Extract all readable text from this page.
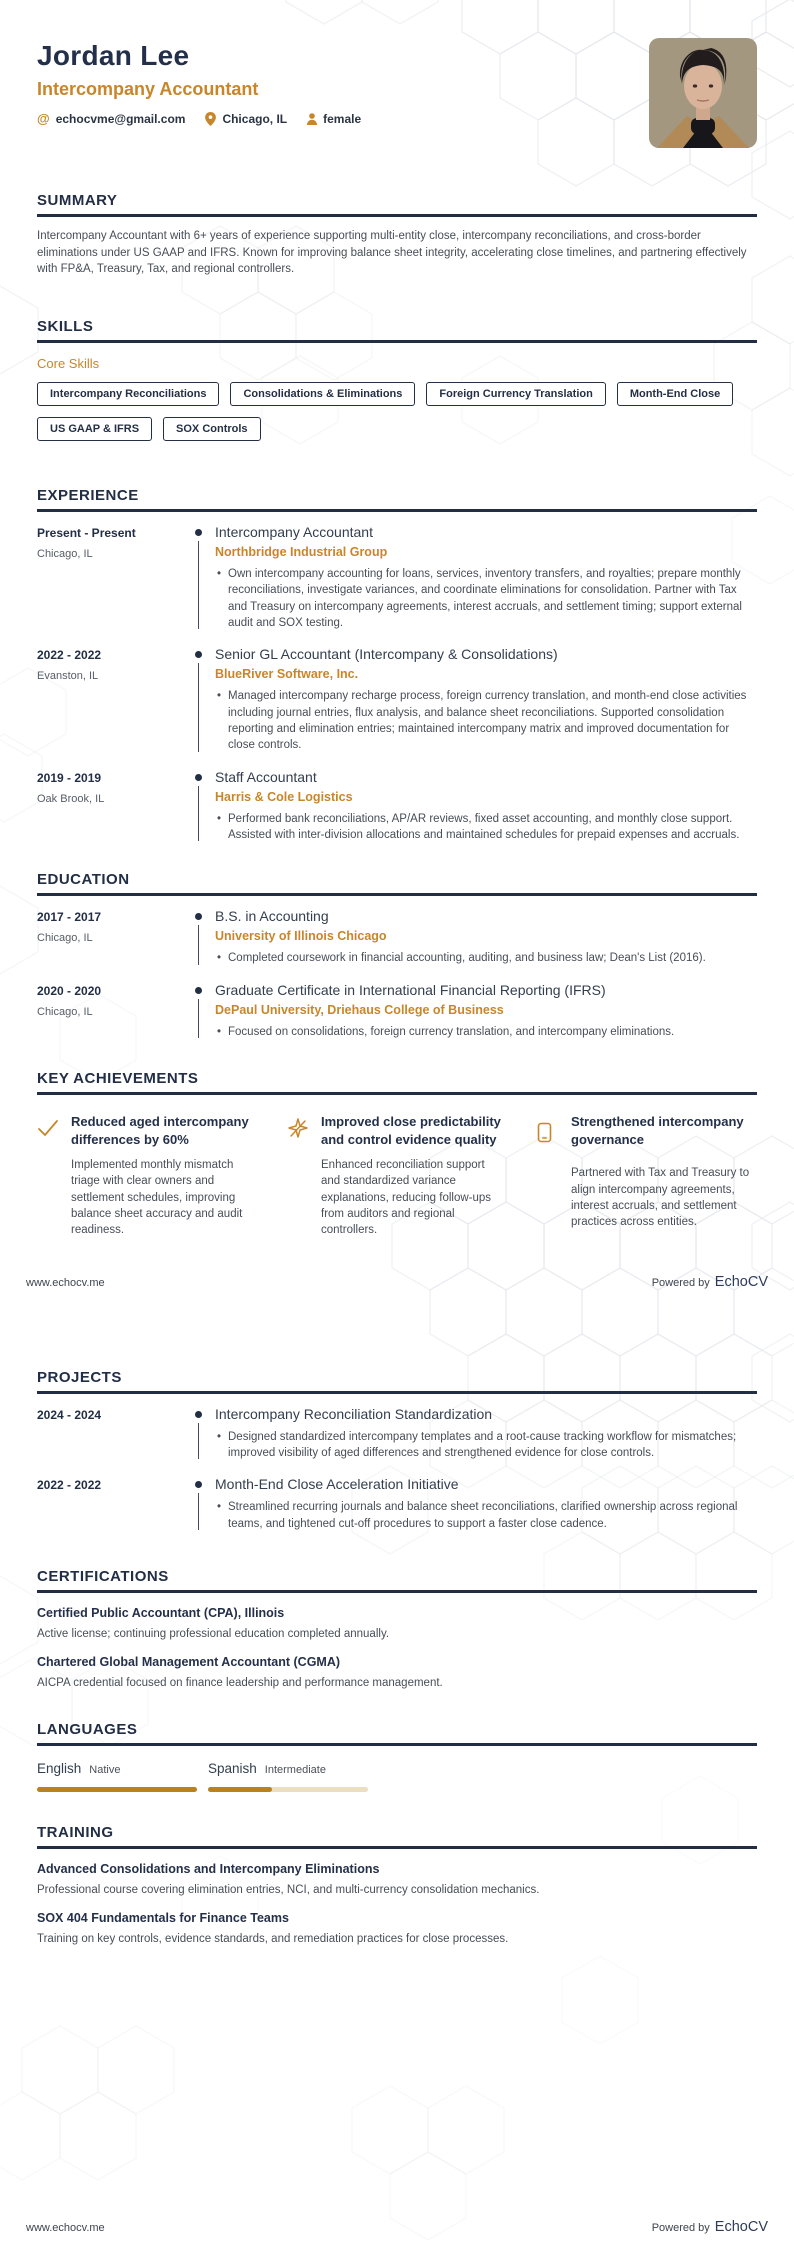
Jordan Lee
Intercompany Accountant
@ echocvme@gmail.com	Chicago, IL	female
SUMMARY
Intercompany Accountant with 6+ years of experience supporting multi-entity close, intercompany reconciliations, and cross-border eliminations under US GAAP and IFRS. Known for improving balance sheet integrity, accelerating close timelines, and partnering effectively with FP&A, Treasury, Tax, and regional controllers.
SKILLS
Core Skills
Intercompany Reconciliations	Consolidations & Eliminations	Foreign Currency Translation	Month-End Close
US GAAP & IFRS	SOX Controls
EXPERIENCE
Present - Present
Chicago, IL
Intercompany Accountant
Northbridge Industrial Group
• Own intercompany accounting for loans, services, inventory transfers, and royalties; prepare monthly reconciliations, investigate variances, and coordinate eliminations for consolidation. Partner with Tax and Treasury on intercompany agreements, interest accruals, and settlement timing; support external audit and SOX testing.
2022 - 2022
Evanston, IL
Senior GL Accountant (Intercompany & Consolidations)
BlueRiver Software, Inc.
• Managed intercompany recharge process, foreign currency translation, and month-end close activities including journal entries, flux analysis, and balance sheet reconciliations. Supported consolidation reporting and elimination entries; maintained intercompany matrix and improved documentation for close controls.
2019 - 2019
Oak Brook, IL
Staff Accountant
Harris & Cole Logistics
• Performed bank reconciliations, AP/AR reviews, fixed asset accounting, and monthly close support. Assisted with inter-division allocations and maintained schedules for prepaid expenses and accruals.
EDUCATION
2017 - 2017
Chicago, IL
B.S. in Accounting
University of Illinois Chicago
• Completed coursework in financial accounting, auditing, and business law; Dean's List (2016).
2020 - 2020
Chicago, IL
Graduate Certificate in International Financial Reporting (IFRS)
DePaul University, Driehaus College of Business
• Focused on consolidations, foreign currency translation, and intercompany eliminations.
KEY ACHIEVEMENTS
Reduced aged intercompany differences by 60%
Implemented monthly mismatch triage with clear owners and settlement schedules, improving balance sheet accuracy and audit readiness.
Improved close predictability and control evidence quality
Enhanced reconciliation support and standardized variance explanations, reducing follow-ups from auditors and regional controllers.
Strengthened intercompany governance
Partnered with Tax and Treasury to align intercompany agreements, interest accruals, and settlement practices across entities.
www.echocv.me	Powered by EchoCV
PROJECTS
2024 - 2024	Intercompany Reconciliation Standardization
• Designed standardized intercompany templates and a root-cause tracking workflow for mismatches; improved visibility of aged differences and strengthened evidence for close controls.
2022 - 2022	Month-End Close Acceleration Initiative
• Streamlined recurring journals and balance sheet reconciliations, clarified ownership across regional teams, and tightened cut-off procedures to support a faster close cadence.
CERTIFICATIONS
Certified Public Accountant (CPA), Illinois
Active license; continuing professional education completed annually.
Chartered Global Management Accountant (CGMA)
AICPA credential focused on finance leadership and performance management.
LANGUAGES
English Native	Spanish Intermediate
TRAINING
Advanced Consolidations and Intercompany Eliminations
Professional course covering elimination entries, NCI, and multi-currency consolidation mechanics.
SOX 404 Fundamentals for Finance Teams
Training on key controls, evidence standards, and remediation practices for close processes.
www.echocv.me	Powered by EchoCV
